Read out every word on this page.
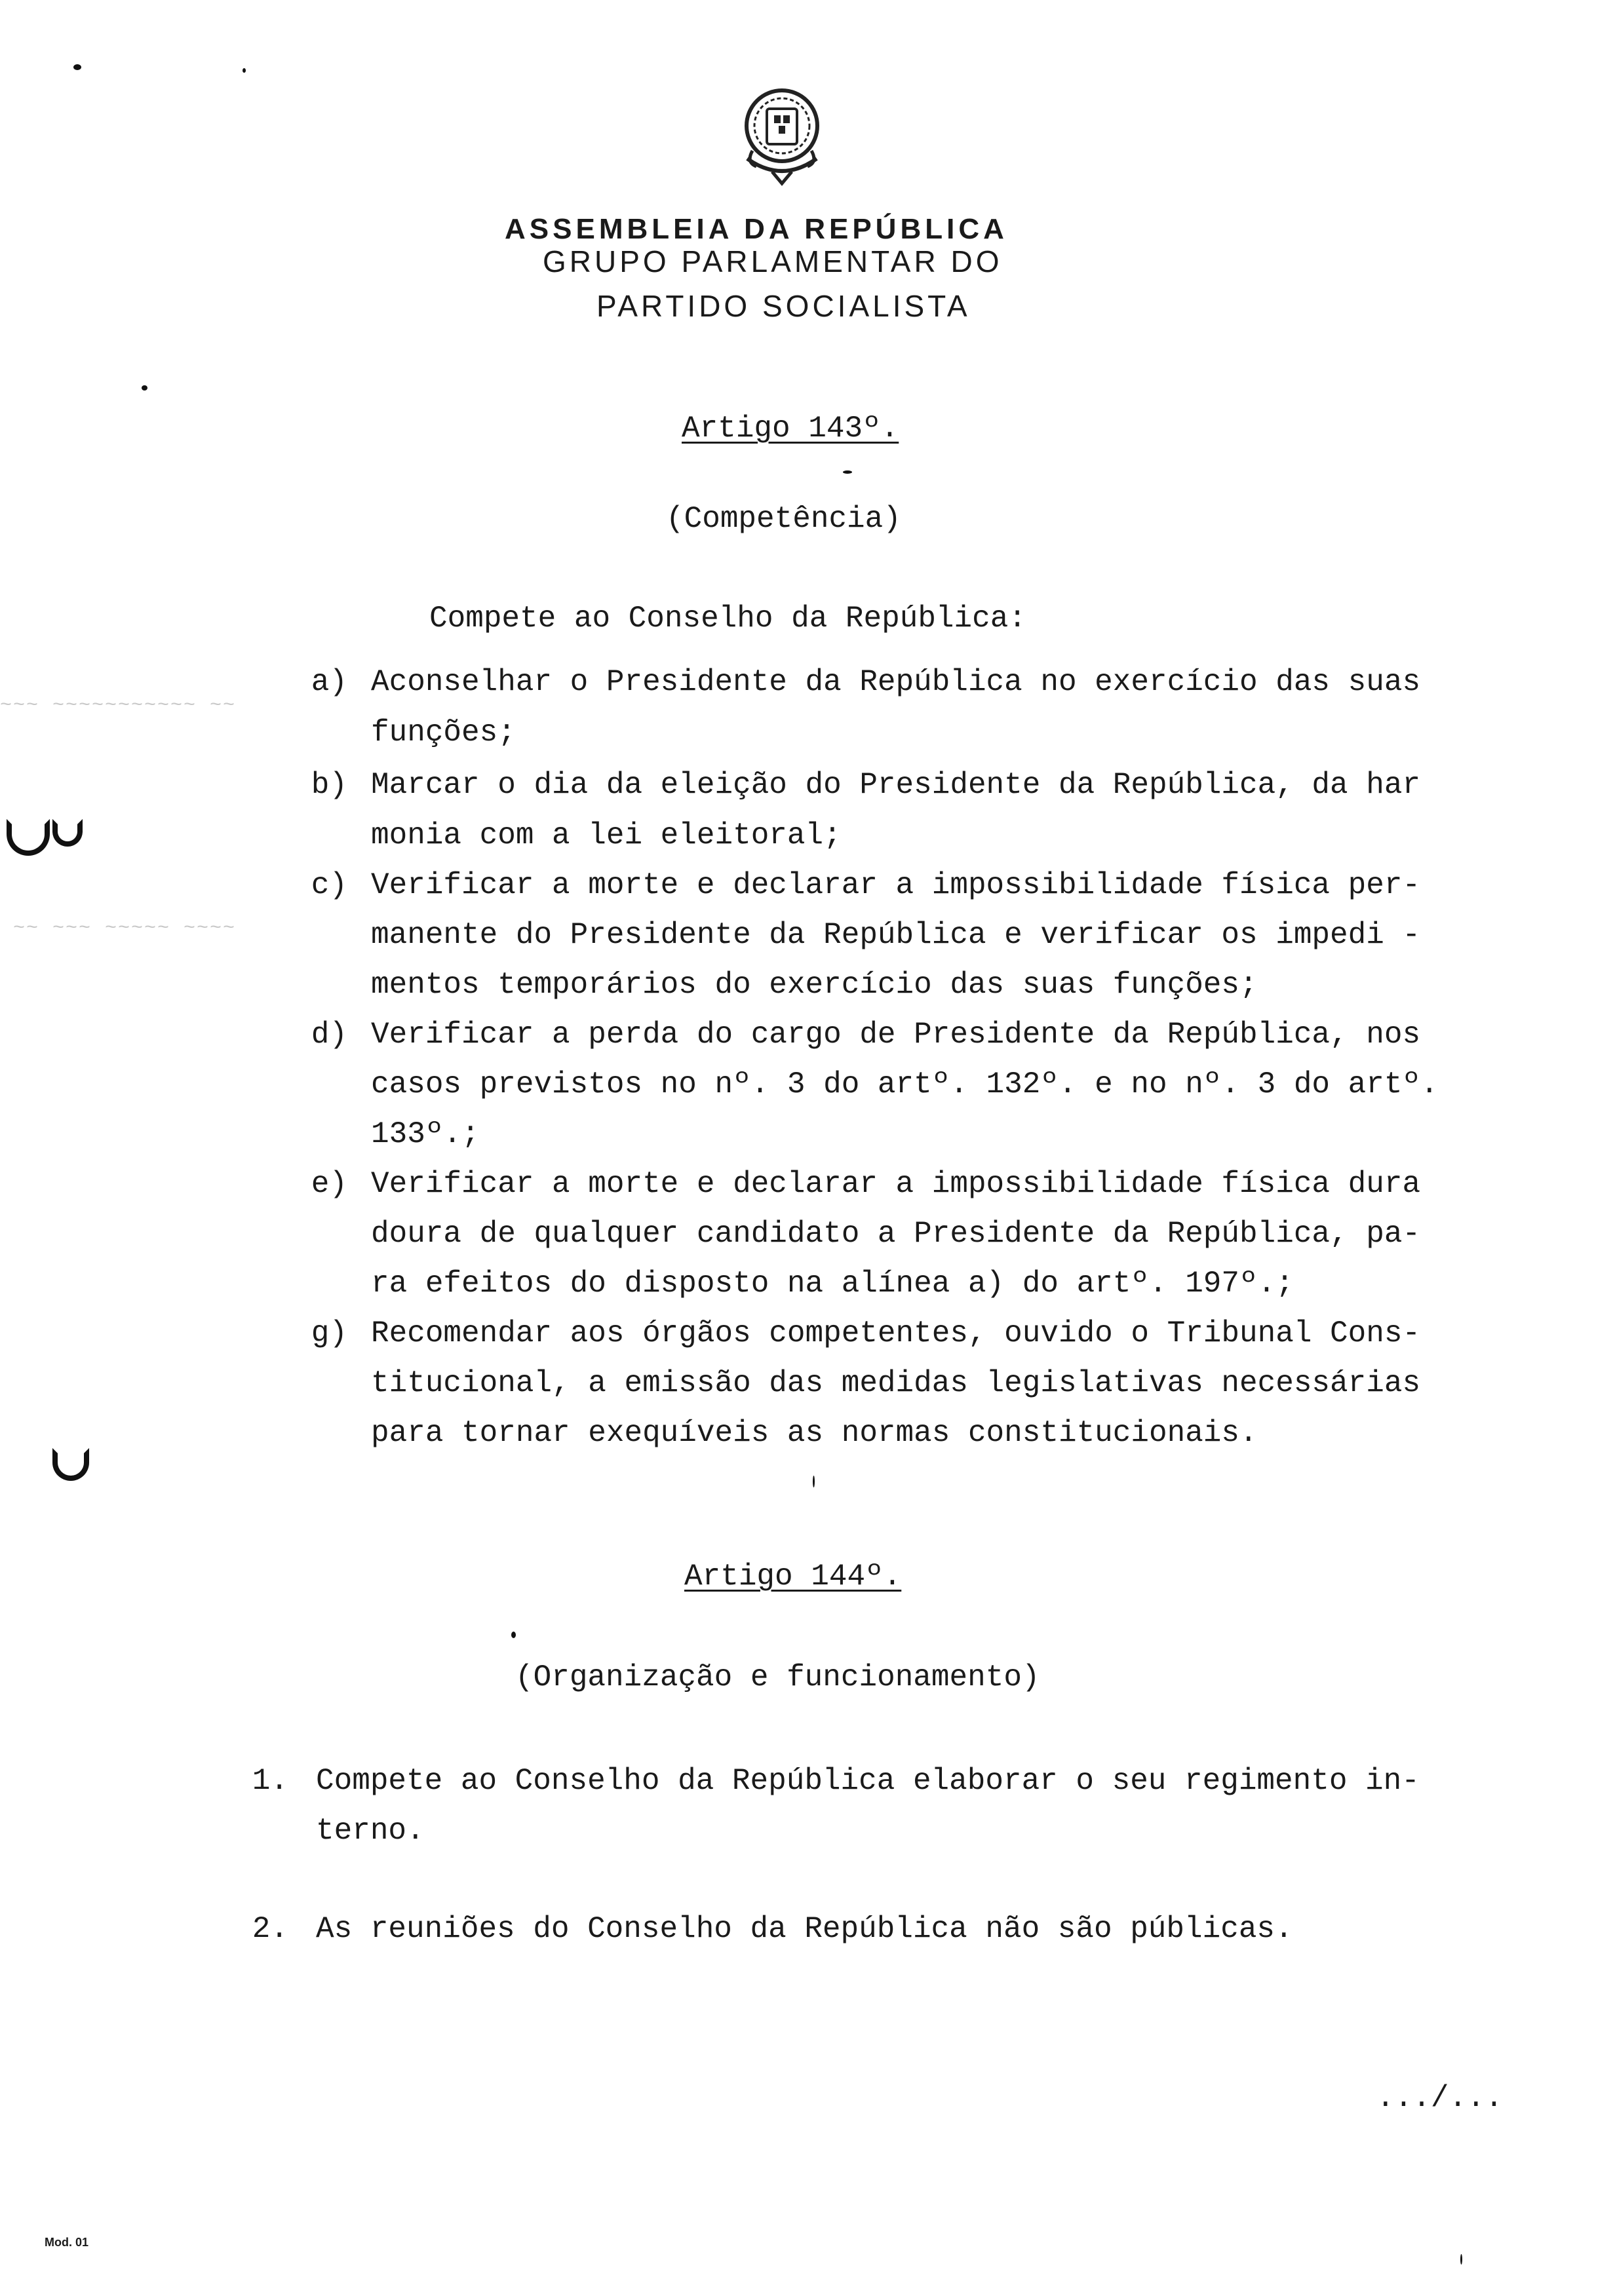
ASSEMBLEIA DA REPÚBLICA
GRUPO PARLAMENTAR DO
PARTIDO SOCIALISTA
Artigo 143º.
(Competência)
Compete ao Conselho da República:
a) Aconselhar o Presidente da República no exercício das suas
funções;
b) Marcar o dia da eleição do Presidente da República, da har
monia com a lei eleitoral;
c) Verificar a morte e declarar a impossibilidade física per-
manente do Presidente da República e verificar os impedi -
mentos temporários do exercício das suas funções;
d) Verificar a perda do cargo de Presidente da República, nos
casos previstos no nº. 3 do artº. 132º. e no nº. 3 do artº.
133º.;
e) Verificar a morte e declarar a impossibilidade física dura
doura de qualquer candidato a Presidente da República, pa-
ra efeitos do disposto na alínea a) do artº. 197º.;
g) Recomendar aos órgãos competentes, ouvido o Tribunal Cons-
titucional, a emissão das medidas legislativas necessárias
para tornar exequíveis as normas constitucionais.
Artigo 144º.
(Organização e funcionamento)
1. Compete ao Conselho da República elaborar o seu regimento in-
terno.
2. As reuniões do Conselho da República não são públicas.
.../...
Mod. 01
~~~ ~~~~~~~~~~~ ~~
~~ ~~~ ~~~~~ ~~~~
